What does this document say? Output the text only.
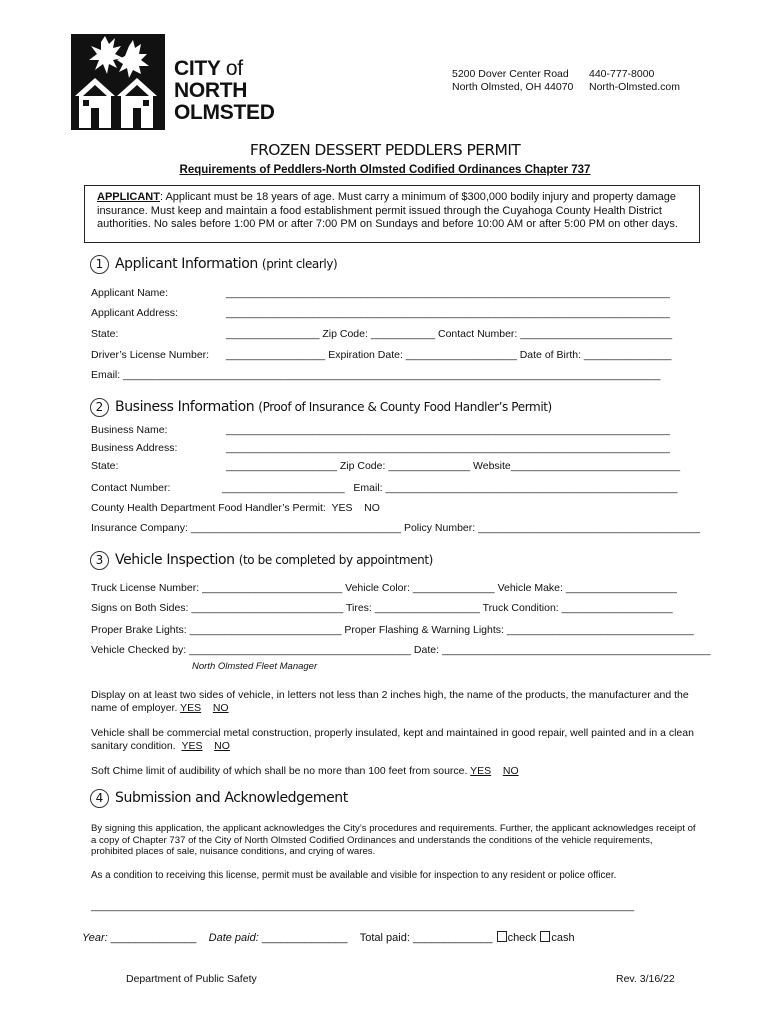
CITY of
NORTH
OLMSTED
5200 Dover Center Road
North Olmsted, OH 44070
440-777-8000
North-Olmsted.com
FROZEN DESSERT PEDDLERS PERMIT
Requirements of Peddlers-North Olmsted Codified Ordinances Chapter 737

APPLICANT: Applicant must be 18 years of age. Must carry a minimum of $300,000 bodily injury and property damage insurance. Must keep and maintain a food establishment permit issued through the Cuyahoga County Health District authorities. No sales before 1:00 PM or after 7:00 PM on Sundays and before 10:00 AM or after 5:00 PM on other days.

1 Applicant Information (print clearly)
Applicant Name:	____________________________________________________________________________
Applicant Address:	____________________________________________________________________________
State:	________________ Zip Code: ___________ Contact Number: __________________________
Driver’s License Number: _________________ Expiration Date: ___________________ Date of Birth: _______________
Email: ____________________________________________________________________________________________
2 Business Information (Proof of Insurance & County Food Handler’s Permit)
Business Name:	____________________________________________________________________________
Business Address:	____________________________________________________________________________
State:	___________________ Zip Code: ______________ Website_____________________________
Contact Number:	_____________________ Email: __________________________________________________
County Health Department Food Handler’s Permit: YES NO
Insurance Company: ____________________________________ Policy Number: ______________________________________
3 Vehicle Inspection (to be completed by appointment)
Truck License Number: ________________________ Vehicle Color: ______________ Vehicle Make: ___________________
Signs on Both Sides: __________________________ Tires: __________________ Truck Condition: ___________________
Proper Brake Lights: __________________________ Proper Flashing & Warning Lights: ________________________________
Vehicle Checked by: ______________________________________ Date: ______________________________________________
North Olmsted Fleet Manager
Display on at least two sides of vehicle, in letters not less than 2 inches high, the name of the products, the manufacturer and the name of employer. YES NO
Vehicle shall be commercial metal construction, properly insulated, kept and maintained in good repair, well painted and in a clean sanitary condition. YES NO
Soft Chime limit of audibility of which shall be no more than 100 feet from source. YES NO
4 Submission and Acknowledgement
By signing this application, the applicant acknowledges the City’s procedures and requirements. Further, the applicant acknowledges receipt of a copy of Chapter 737 of the City of North Olmsted Codified Ordinances and understands the conditions of the vehicle requirements, prohibited places of sale, nuisance conditions, and crying of wares.
As a condition to receiving this license, permit must be available and visible for inspection to any resident or police officer.
_____________________________________________________________________________________________
Year: ______________ Date paid: ______________ Total paid: _____________ check cash
Department of Public Safety	Rev. 3/16/22
